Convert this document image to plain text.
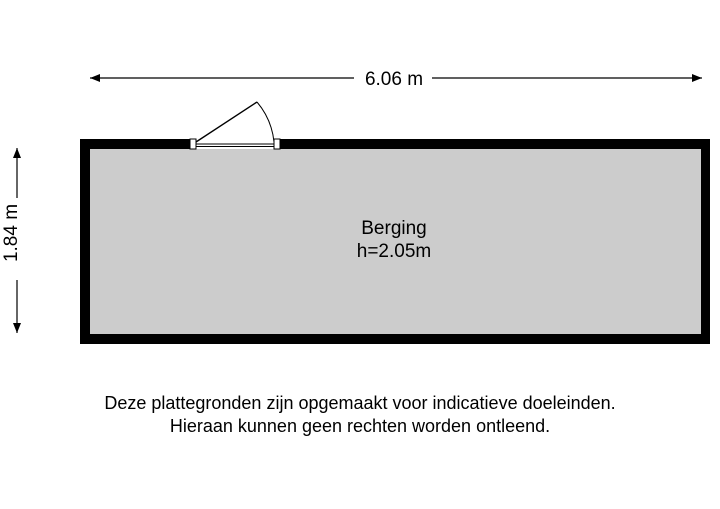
6.06 m
1.84 m	Berging
h=2.05m
Deze plattegronden zijn opgemaakt voor indicatieve doeleinden.
Hieraan kunnen geen rechten worden ontleend.
